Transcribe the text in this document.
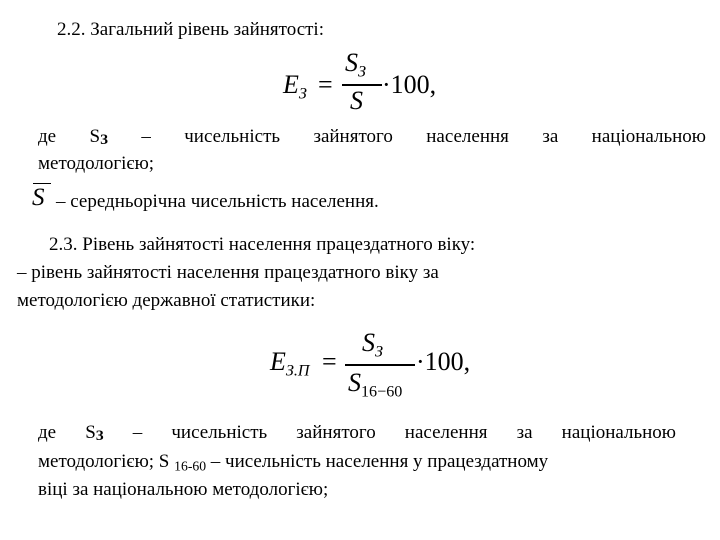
2.2. Загальний рівень зайнятості:
$E_З$ =
$S_З$
S
·100,
де SЗ – чисельність зайнятого населення за національною
методологією;
S – середньорічна чисельність населення.
2.3. Рівень зайнятості населення працездатного віку:
– рівень зайнятості населення працездатного віку за
методологією державної статистики:
$E_{З.П}$ =
$S_З$
$S_{16-60}$
·100,
де SЗ – чисельність зайнятого населення за національною
методологією; S 16-60 – чисельність населення у працездатному
віці за національною методологією;
